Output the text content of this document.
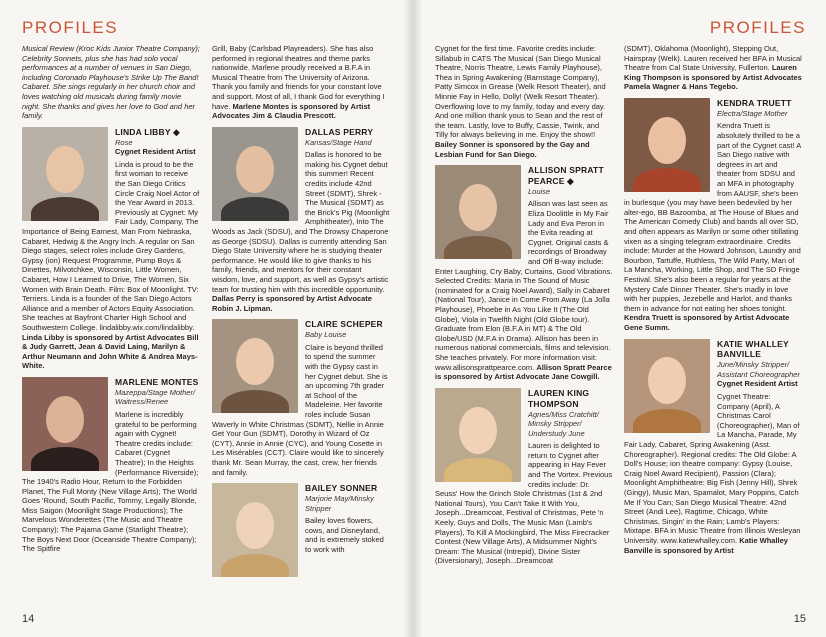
PROFILES
Musical Review (Kroc Kids Junior Theatre Company); Celebrity Sonnets, plus she has had solo vocal performances at a number of venues in San Diego, including Coronado Playhouse's Strike Up The Band! Cabaret. She sings regularly in her church choir and loves watching old musicals during family movie night. She thanks and gives her love to God and her family.
LINDA LIBBY ◆
Rose
Cygnet Resident Artist
Linda is proud to be the first woman to receive the San Diego Critics Circle Craig Noel Actor of the Year Award in 2013. Previously at Cygnet: My Fair Lady, Company, The Importance of Being Earnest, Man From Nebraska, Cabaret, Hedwig & the Angry Inch. A regular on San Diego stages, select roles include Grey Gardens, Gypsy (ion) Request Programme, Pump Boys & Dinettes, Milvotchkee, Wisconsin, Little Women, Cabaret, How I Learned to Drive, The Women, Six Women with Brain Death. Film: Box of Moonlight. TV: Terriers. Linda is a founder of the San Diego Actors Alliance and a member of Actors Equity Association. She teaches at Bayfront Charter High School and Southwestern College. lindalibby.wix.com/lindalibby. Linda Libby is sponsored by Artist Advocates Bill & Judy Garrett, Jean & David Laing, Marilyn & Arthur Neumann and John White & Andrea Mays-White.
MARLENE MONTES
Mazeppa/Stage Mother/ Waitress/Renee
Marlene is incredibly grateful to be performing again with Cygnet! Theatre credits include: Cabaret (Cygnet Theatre); In the Heights (Performance Riverside); The 1940's Radio Hour, Return to the Forbidden Planet, The Full Monty (New Village Arts); The World Goes 'Round, South Pacific, Tommy, Legally Blonde, Miss Saigon (Moonlight Stage Productions); The Marvelous Wonderettes (The Music and Theatre Company); The Pajama Game (Starlight Theatre); The Boys Next Door (Oceanside Theatre Company); The Spitfire
Grill, Baby (Carlsbad Playreaders). She has also performed in regional theatres and theme parks nationwide. Marlene proudly received a B.F.A in Musical Theatre from The University of Arizona. Thank you family and friends for your constant love and support. Most of all, I thank God for everything I have. Marlene Montes is sponsored by Artist Advocates Jim & Claudia Prescott.
DALLAS PERRY
Kansas/Stage Hand
Dallas is honored to be making his Cygnet debut this summer! Recent credits include 42nd Street (SDMT), Shrek - The Musical (SDMT) as the Brick's Pig (Moonlight Amphitheater), Into The Woods as Jack (SDSU), and The Drowsy Chaperone as George (SDSU). Dallas is currently attending San Diego State University where he is studying theater performance. He would like to give thanks to his family, friends, and mentors for their constant wisdom, love, and support, as well as Gypsy's artistic team for trusting him with this incredible opportunity. Dallas Perry is sponsored by Artist Advocate Robin J. Lipman.
CLAIRE SCHEPER
Baby Louise
Claire is beyond thrilled to spend the summer with the Gypsy cast in her Cygnet debut. She is an upcoming 7th grader at School of the Madeleine. Her favorite roles include Susan Waverly in White Christmas (SDMT), Nellie in Annie Get Your Gun (SDMT), Dorothy in Wizard of Oz (CYT), Annie in Annie (CYC), and Young Cosette in Les Misérables (CCT). Claire would like to sincerely thank Mr. Sean Murray, the cast, crew, her friends and family.
BAILEY SONNER
Marjorie May/Minsky Stripper
Bailey loves flowers, cows, and Disneyland, and is extremely stoked to work with
14
PROFILES
Cygnet for the first time. Favorite credits include: Sillabub in CATS The Musical (San Diego Musical Theatre, Norris Theatre, Lewis Family Playhouse), Thea in Spring Awakening (Barnstage Company), Patty Simcox in Grease (Welk Resort Theater), and Minnie Fay in Hello, Dolly! (Welk Resort Theater). Overflowing love to my family, today and every day. And one million thank yous to Sean and the rest of the team. Lastly, love to Buffy, Cassie, Twink, and Tilly for always believing in me. Enjoy the show!! Bailey Sonner is sponsored by the Gay and Lesbian Fund for San Diego.
ALLISON SPRATT PEARCE ◆
Louise
Allison was last seen as Eliza Doolittle in My Fair Lady and Eva Peron in the Evita reading at Cygnet. Original casts & recordings of Broadway and Off B-way include: Enter Laughing, Cry Baby, Curtains, Good Vibrations. Selected Credits: Maria in The Sound of Music (nominated for a Craig Noel Award), Sally in Cabaret (National Tour), Janice in Come From Away (La Jolla Playhouse), Phoebe in As You Like It (The Old Globe), Viola in Twelfth Night (Old Globe tour). Graduate from Elon (B.F.A in MT) & The Old Globe/USD (M.F.A in Drama). Allison has been in numerous national commercials, films and television. She teaches privately. For more information visit: www.allisonsprattpearce.com. Allison Spratt Pearce is sponsored by Artist Advocate Jane Cowgill.
LAUREN KING THOMPSON
Agnes/Miss Cratchitt/ Minsky Stripper/ Understudy June
Lauren is delighted to return to Cygnet after appearing in Hay Fever and The Vortex. Previous credits include: Dr. Seuss' How the Grinch Stole Christmas (1st & 2nd National Tours), You Can't Take It With You, Joseph...Dreamcoat, Festival of Christmas, Pete 'n Keely, Guys and Dolls, The Music Man (Lamb's Players), To Kill A Mockingbird, The Miss Firecracker Contest (New Village Arts), A Midsummer Night's Dream: The Musical (Intrepid), Divine Sister (Diversionary), Joseph...Dreamcoat
(SDMT), Oklahoma (Moonlight), Stepping Out, Hairspray (Welk). Lauren received her BFA in Musical Theatre from Cal State University, Fullerton. Lauren King Thompson is sponsored by Artist Advocates Pamela Wagner & Hans Tegebo.
KENDRA TRUETT
Electra/Stage Mother
Kendra Truett is absolutely thrilled to be a part of the Cygnet cast! A San Diego native with degrees in art and theater from SDSU and an MFA in photography from AAUSF, she's been in burlesque (you may have been bedeviled by her alter-ego, BB Bazoomba, at The House of Blues and The American Comedy Club) and bands all over SD, and often appears as Marilyn or some other titillating vixen as a singing telegram extraordinaire. Credits include: Murder at the Howard Johnson, Laundry and Bourbon, Tartuffe, Ruthless, The Wild Party, Man of La Mancha, Working, Little Shop, and The SD Fringe Festival. She's also been a regular for years at the Mystery Cafe Dinner Theater. She's madly in love with her puppies, Jezebelle and Harlot, and thanks them in advance for not eating her shoes tonight. Kendra Truett is sponsored by Artist Advocate Gene Summ.
KATIE WHALLEY BANVILLE
June/Minsky Stripper/ Assistant Choreographer
Cygnet Resident Artist
Cygnet Theatre: Company (April), A Christmas Carol (Choreographer), Man of La Mancha, Parade, My Fair Lady, Cabaret, Spring Awakening (Asst. Choreographer). Regional credits: The Old Globe: A Doll's House; ion theatre company: Gypsy (Louise, Craig Noel Award Recipient), Passion (Clara); Moonlight Amphitheatre: Big Fish (Jenny Hill), Shrek (Gingy), Music Man, Spamalot, Mary Poppins, Catch Me If You Can; San Diego Musical Theatre: 42nd Street (Andi Lee), Ragtime, Chicago, White Christmas, Singin' in the Rain; Lamb's Players: Mixtape. BFA in Music Theatre from Illinois Wesleyan University. www.katiewhalley.com. Katie Whalley Banville is sponsored by Artist
15
